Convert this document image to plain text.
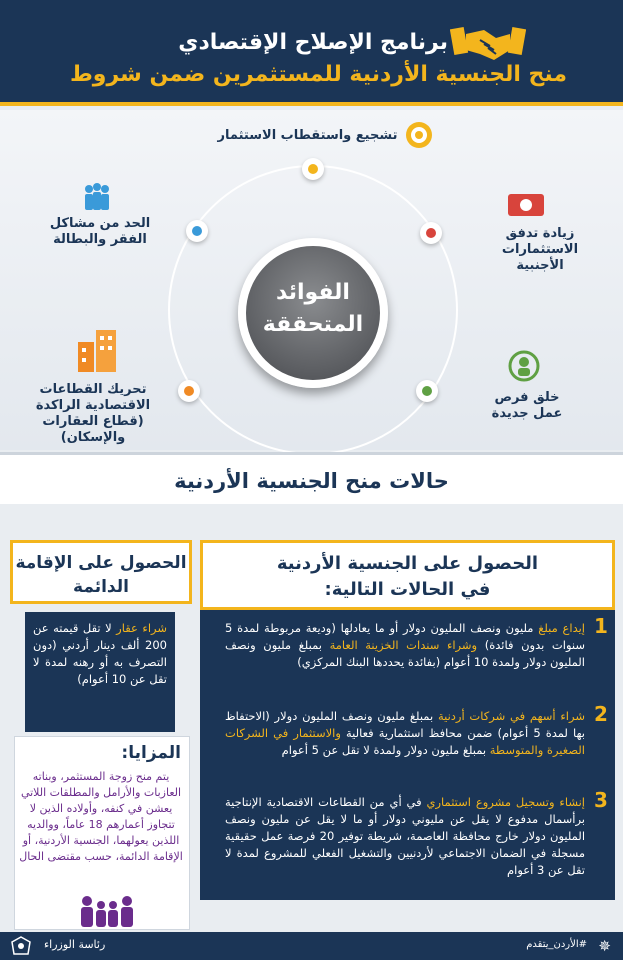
برنامج الإصلاح الإقتصادي
منح الجنسية الأردنية للمستثمرين ضمن شروط
الفوائد
المتحققة
تشجيع واستقطاب الاستثمار
زيادة تدفق
الاستثمارات
الأجنبية
خلق فرص
عمل جديدة
تحريك القطاعات
الاقتصادية الراكدة
(قطاع العقارات والإسكان)
الحد من مشاكل
الفقر والبطالة
حالات منح الجنسية الأردنية
الحصول على الجنسية الأردنية
في الحالات التالية:
1
إيداع مبلغ مليون ونصف المليون دولار أو ما يعادلها (وديعة مربوطة لمدة 5 سنوات بدون فائدة) وشراء سندات الخزينة العامة بمبلغ مليون ونصف المليون دولار ولمدة 10 أعوام (بفائدة يحددها البنك المركزي)
2
شراء أسهم في شركات أردنية بمبلغ مليون ونصف المليون دولار (الاحتفاظ بها لمدة 5 أعوام) ضمن محافظ استثمارية فعالية والاستثمار في الشركات الصغيرة والمتوسطة بمبلغ مليون دولار ولمدة لا تقل عن 5 أعوام
3
إنشاء وتسجيل مشروع استثماري في أي من القطاعات الاقتصادية الإنتاجية برأسمال مدفوع لا يقل عن مليوني دولار أو ما لا يقل عن مليون ونصف المليون دولار خارج محافظة العاصمة، شريطة توفير 20 فرصة عمل حقيقية مسجلة في الضمان الاجتماعي لأردنيين والتشغيل الفعلي للمشروع لمدة لا تقل عن 3 أعوام
الحصول على الإقامة
الدائمة
شراء عقار لا تقل قيمته عن 200 ألف دينار أردني (دون التصرف به أو رهنه لمدة لا تقل عن 10 أعوام)
المزايا:
يتم منح زوجة المستثمر، وبناته العازبات والأرامل والمطلقات اللاتي يعشن في كنفه، وأولاده الذين لا تتجاوز أعمارهم 18 عاماً، ووالديه اللذين يعولهما، الجنسية الأردنية، أو الإقامة الدائمة، حسب مقتضى الحال
✵
#الأردن_يتقدم
رئاسة الوزراء
